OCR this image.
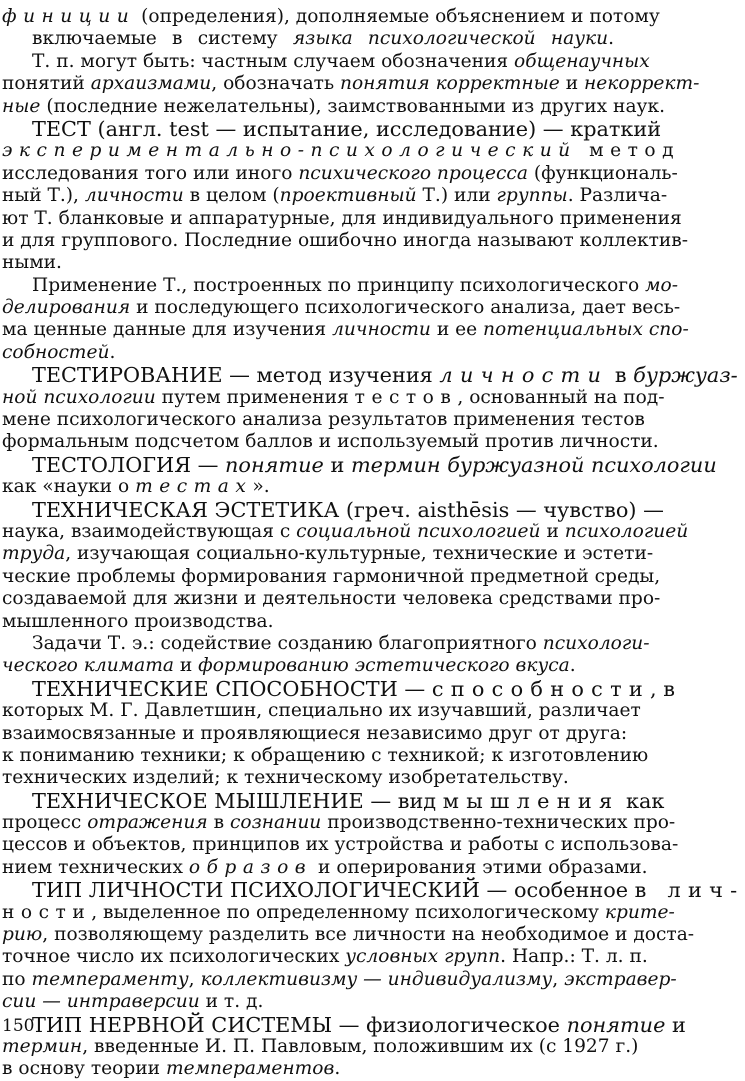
финиции (определения), дополняемые объяснением и потому
включаемые в систему языка психологической науки.
Т. п. могут быть: частным случаем обозначения общенаучных
понятий архаизмами, обозначать понятия корректные и некоррект-
ные (последние нежелательны), заимствованными из других наук.
ТЕСТ (англ. test — испытание, исследование) — краткий
экспериментально-психологический метод
исследования того или иного психического процесса (функциональ-
ный Т.), личности в целом (проективный Т.) или группы. Различа-
ют Т. бланковые и аппаратурные, для индивидуального применения
и для группового. Последние ошибочно иногда называют коллектив-
ными.
Применение Т., построенных по принципу психологического мо-
делирования и последующего психологического анализа, дает весь-
ма ценные данные для изучения личности и ее потенциальных спо-
собностей.
ТЕСТИРОВАНИЕ — метод изучения личности в буржуаз-
ной психологии путем применения тестов, основанный на под-
мене психологического анализа результатов применения тестов
формальным подсчетом баллов и используемый против личности.
ТЕСТОЛОГИЯ — понятие и термин буржуазной психологии
как «науки о тестах».
ТЕХНИЧЕСКАЯ ЭСТЕТИКА (греч. aisthēsis — чувство) —
наука, взаимодействующая с социальной психологией и психологией
труда, изучающая социально-культурные, технические и эстети-
ческие проблемы формирования гармоничной предметной среды,
создаваемой для жизни и деятельности человека средствами про-
мышленного производства.
Задачи Т. э.: содействие созданию благоприятного психологи-
ческого климата и формированию эстетического вкуса.
ТЕХНИЧЕСКИЕ СПОСОБНОСТИ — способности, в
которых М. Г. Давлетшин, специально их изучавший, различает
взаимосвязанные и проявляющиеся независимо друг от друга:
к пониманию техники; к обращению с техникой; к изготовлению
технических изделий; к техническому изобретательству.
ТЕХНИЧЕСКОЕ МЫШЛЕНИЕ — вид мышления как
процесс отражения в сознании производственно-технических про-
цессов и объектов, принципов их устройства и работы с использова-
нием технических образов и оперирования этими образами.
ТИП ЛИЧНОСТИ ПСИХОЛОГИЧЕСКИЙ — особенное в лич-
ности, выделенное по определенному психологическому крите-
рию, позволяющему разделить все личности на необходимое и доста-
точное число их психологических условных групп. Напр.: Т. л. п.
по темпераменту, коллективизму — индивидуализму, экстравер-
сии — интраверсии и т. д.
ТИП НЕРВНОЙ СИСТЕМЫ — физиологическое понятие и
термин, введенные И. П. Павловым, положившим их (с 1927 г.)
в основу теории темпераментов.
150
